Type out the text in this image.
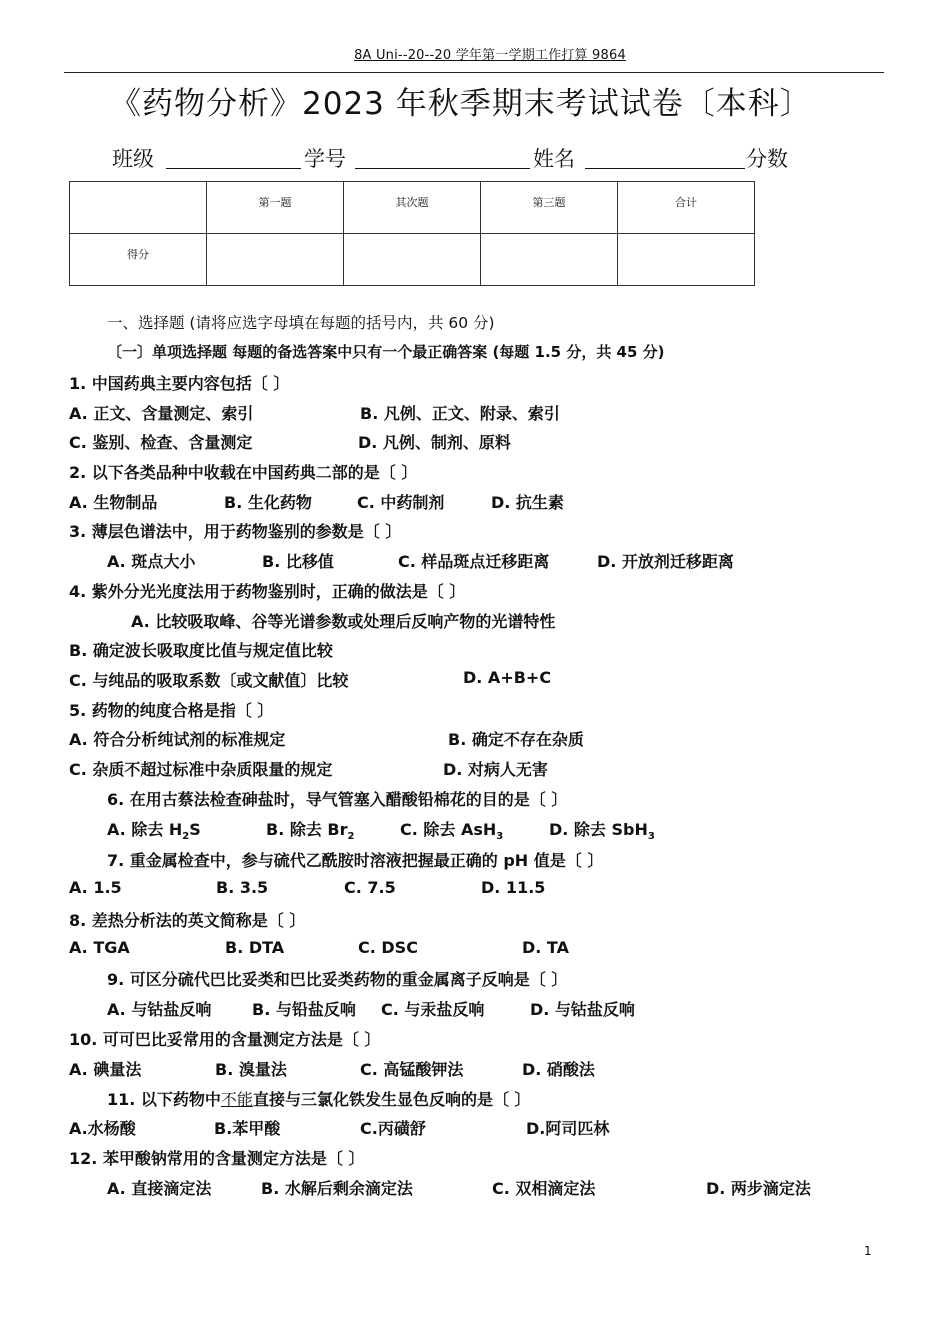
8A Uni--20--20 学年第一学期工作打算 9864
《药物分析》2023 年秋季期末考试试卷〔本科〕
班级	学号	姓名	分数
	第一题	其次题	第三题	合计
得分				
一、选择题 (请将应选字母填在每题的括号内，共 60 分)
〔一〕单项选择题 每题的备选答案中只有一个最正确答案 (每题 1.5 分，共 45 分)
1. 中国药典主要内容包括〔 〕
A. 正文、含量测定、索引	B. 凡例、正文、附录、索引
C. 鉴别、检查、含量测定	D. 凡例、制剂、原料
2. 以下各类品种中收载在中国药典二部的是〔 〕
A. 生物制品	B. 生化药物	C. 中药制剂	D. 抗生素
3. 薄层色谱法中，用于药物鉴别的参数是〔 〕
A. 斑点大小	B. 比移值	C. 样品斑点迁移距离	D. 开放剂迁移距离
4. 紫外分光光度法用于药物鉴别时，正确的做法是〔 〕
A. 比较吸取峰、谷等光谱参数或处理后反响产物的光谱特性
B. 确定波长吸取度比值与规定值比较
C. 与纯品的吸取系数〔或文献值〕比较	D. A+B+C
5. 药物的纯度合格是指〔 〕
A. 符合分析纯试剂的标准规定	B. 确定不存在杂质
C. 杂质不超过标准中杂质限量的规定	D. 对病人无害
6. 在用古蔡法检查砷盐时，导气管塞入醋酸铅棉花的目的是〔 〕
A. 除去 $H_2S$	B. 除去 $Br_2$	C. 除去 AsH$_3$	D. 除去 SbH$_3$
7. 重金属检查中，参与硫代乙酰胺时溶液把握最正确的 pH 值是〔 〕
A. 1.5	B. 3.5	C. 7.5	D. 11.5
8. 差热分析法的英文简称是〔 〕
A. TGA	B. DTA	C. DSC	D. TA
9. 可区分硫代巴比妥类和巴比妥类药物的重金属离子反响是〔 〕
A. 与钴盐反响	B. 与铅盐反响 C. 与汞盐反响	D. 与钴盐反响
10. 可可巴比妥常用的含量测定方法是〔 〕
A. 碘量法	B. 溴量法	C. 高锰酸钾法	D. 硝酸法
11. 以下药物中不能直接与三氯化铁发生显色反响的是〔 〕
A.水杨酸	B.苯甲酸	C.丙磺舒	D.阿司匹林
12. 苯甲酸钠常用的含量测定方法是〔 〕
A. 直接滴定法	B. 水解后剩余滴定法	C. 双相滴定法	D. 两步滴定法
1
